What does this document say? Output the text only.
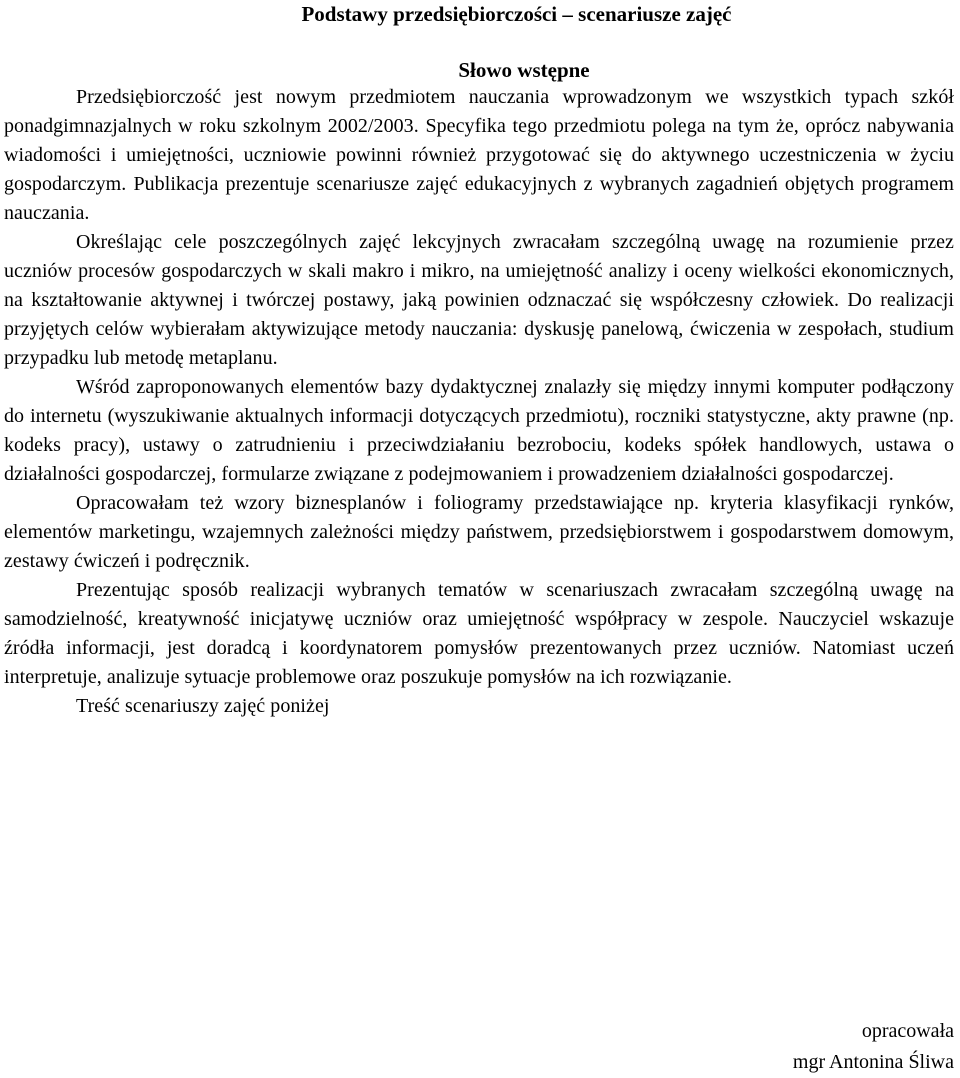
Podstawy przedsiębiorczości – scenariusze zajęć
Słowo wstępne

Przedsiębiorczość jest nowym przedmiotem nauczania wprowadzonym we wszystkich typach szkół ponadgimnazjalnych w roku szkolnym 2002/2003. Specyfika tego przedmiotu polega na tym że, oprócz nabywania wiadomości i umiejętności, uczniowie powinni również przygotować się do aktywnego uczestniczenia w życiu gospodarczym. Publikacja prezentuje scenariusze zajęć edukacyjnych z wybranych zagadnień objętych programem nauczania.

Określając cele poszczególnych zajęć lekcyjnych zwracałam szczególną uwagę na rozumienie przez uczniów procesów gospodarczych w skali makro i mikro, na umiejętność analizy i oceny wielkości ekonomicznych, na kształtowanie aktywnej i twórczej postawy, jaką powinien odznaczać się współczesny człowiek. Do realizacji przyjętych celów wybierałam aktywizujące metody nauczania: dyskusję panelową, ćwiczenia w zespołach, studium przypadku lub metodę metaplanu.

Wśród zaproponowanych elementów bazy dydaktycznej znalazły się między innymi komputer podłączony do internetu (wyszukiwanie aktualnych informacji dotyczących przedmiotu), roczniki statystyczne, akty prawne (np. kodeks pracy), ustawy o zatrudnieniu i przeciwdziałaniu bezrobociu, kodeks spółek handlowych, ustawa o działalności gospodarczej, formularze związane z podejmowaniem i prowadzeniem działalności gospodarczej.

Opracowałam też wzory biznesplanów i foliogramy przedstawiające np. kryteria klasyfikacji rynków, elementów marketingu, wzajemnych zależności między państwem, przedsiębiorstwem i gospodarstwem domowym, zestawy ćwiczeń i podręcznik.

Prezentując sposób realizacji wybranych tematów w scenariuszach zwracałam szczególną uwagę na samodzielność, kreatywność inicjatywę uczniów oraz umiejętność współpracy w zespole. Nauczyciel wskazuje źródła informacji, jest doradcą i koordynatorem pomysłów prezentowanych przez uczniów. Natomiast uczeń interpretuje, analizuje sytuacje problemowe oraz poszukuje pomysłów na ich rozwiązanie.

Treść scenariuszy zajęć poniżej

opracowała
mgr Antonina Śliwa
